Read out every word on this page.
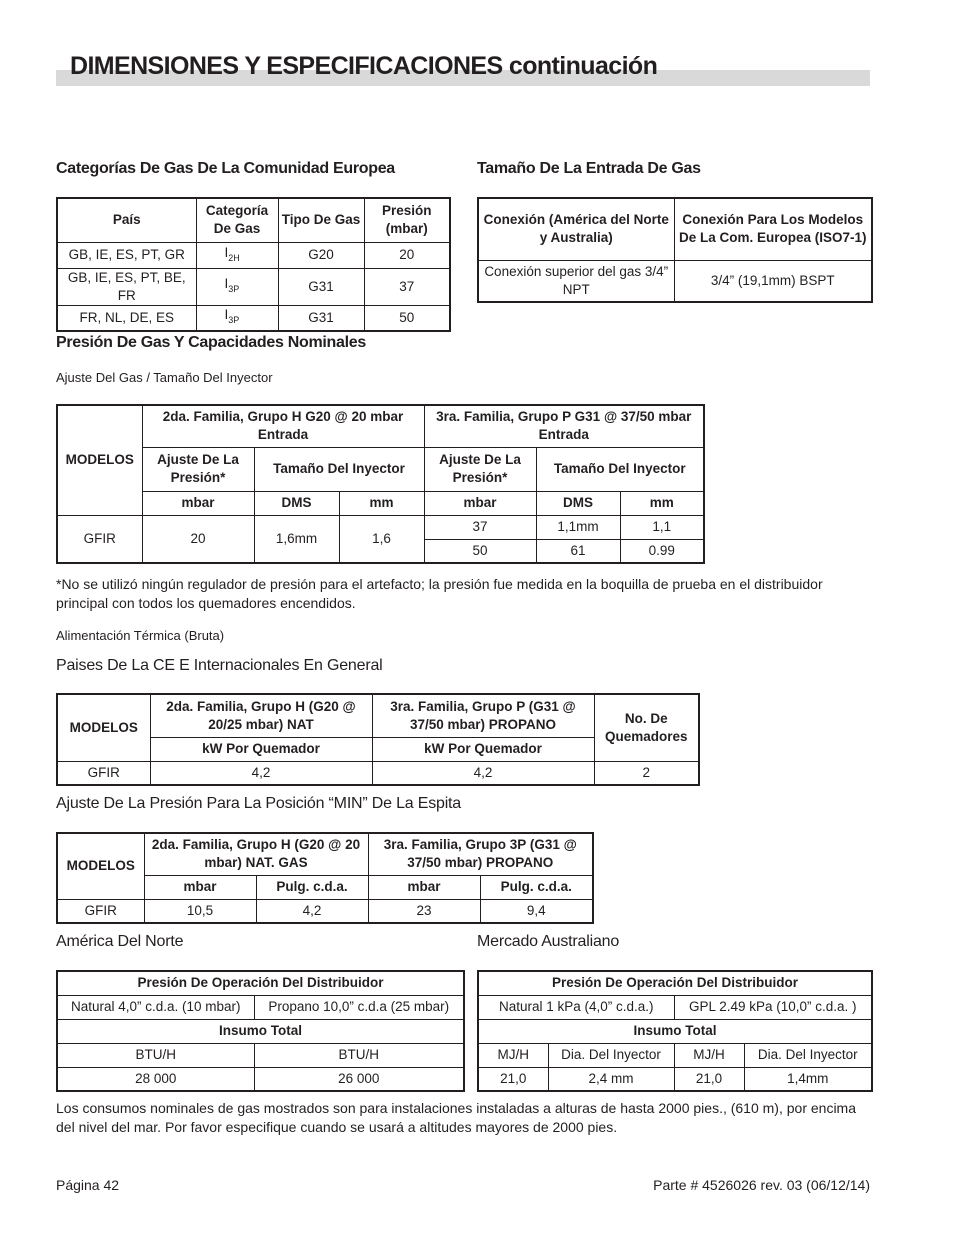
DIMENSIONES Y ESPECIFICACIONES continuación
Categorías De Gas De La Comunidad Europea
País	Categoría De Gas	Tipo De Gas	Presión (mbar)
GB, IE, ES, PT, GR	$I_{2H}$	G20	20
GB, IE, ES, PT, BE, FR	$I_{3P}$	G31	37
FR, NL, DE, ES	$I_{3P}$	G31	50
Tamaño De La Entrada De Gas
Conexión (América del Norte y Australia)	Conexión Para Los Modelos De La Com. Europea (ISO7-1)
Conexión superior del gas 3/4” NPT	3/4” (19,1mm) BSPT
Presión De Gas Y Capacidades Nominales
Ajuste Del Gas / Tamaño Del Inyector
MODELOS	2da. Familia, Grupo H G20 @ 20 mbar Entrada			3ra. Familia, Grupo P G31 @ 37/50 mbar Entrada		
	Ajuste De La Presión*	Tamaño Del Inyector		Ajuste De La Presión*	Tamaño Del Inyector	
	mbar	DMS	mm	mbar	DMS	mm
GFIR	20	1,6mm	1,6	37	1,1mm	1,1
				50	61	0.99
*No se utilizó ningún regulador de presión para el artefacto; la presión fue medida en la boquilla de prueba en el distribuidor principal con todos los quemadores encendidos.
Alimentación Térmica (Bruta)
Paises De La CE E Internacionales En General
MODELOS	2da. Familia, Grupo H (G20 @ 20/25 mbar) NAT	3ra. Familia, Grupo P (G31 @ 37/50 mbar) PROPANO	No. De Quemadores
	kW Por Quemador	kW Por Quemador	
GFIR	4,2	4,2	2
Ajuste De La Presión Para La Posición “MIN” De La Espita
MODELOS	2da. Familia, Grupo H (G20 @ 20 mbar) NAT. GAS		3ra. Familia, Grupo 3P (G31 @ 37/50 mbar) PROPANO	
	mbar	Pulg. c.d.a.	mbar	Pulg. c.d.a.
GFIR	10,5	4,2	23	9,4
América Del Norte
Presión De Operación Del Distribuidor	
Natural 4,0” c.d.a. (10 mbar)	Propano 10,0” c.d.a (25 mbar)
Insumo Total	
BTU/H	BTU/H
28 000	26 000
Mercado Australiano
Presión De Operación Del Distribuidor			
Natural 1 kPa (4,0” c.d.a.)		GPL 2.49 kPa (10,0” c.d.a. )	
Insumo Total			
MJ/H	Dia. Del Inyector	MJ/H	Dia. Del Inyector
21,0	2,4 mm	21,0	1,4mm
Los consumos nominales de gas mostrados son para instalaciones instaladas a alturas de hasta 2000 pies., (610 m), por encima del nivel del mar. Por favor especifique cuando se usará a altitudes mayores de 2000 pies.
Página 42	Parte # 4526026 rev. 03 (06/12/14)
